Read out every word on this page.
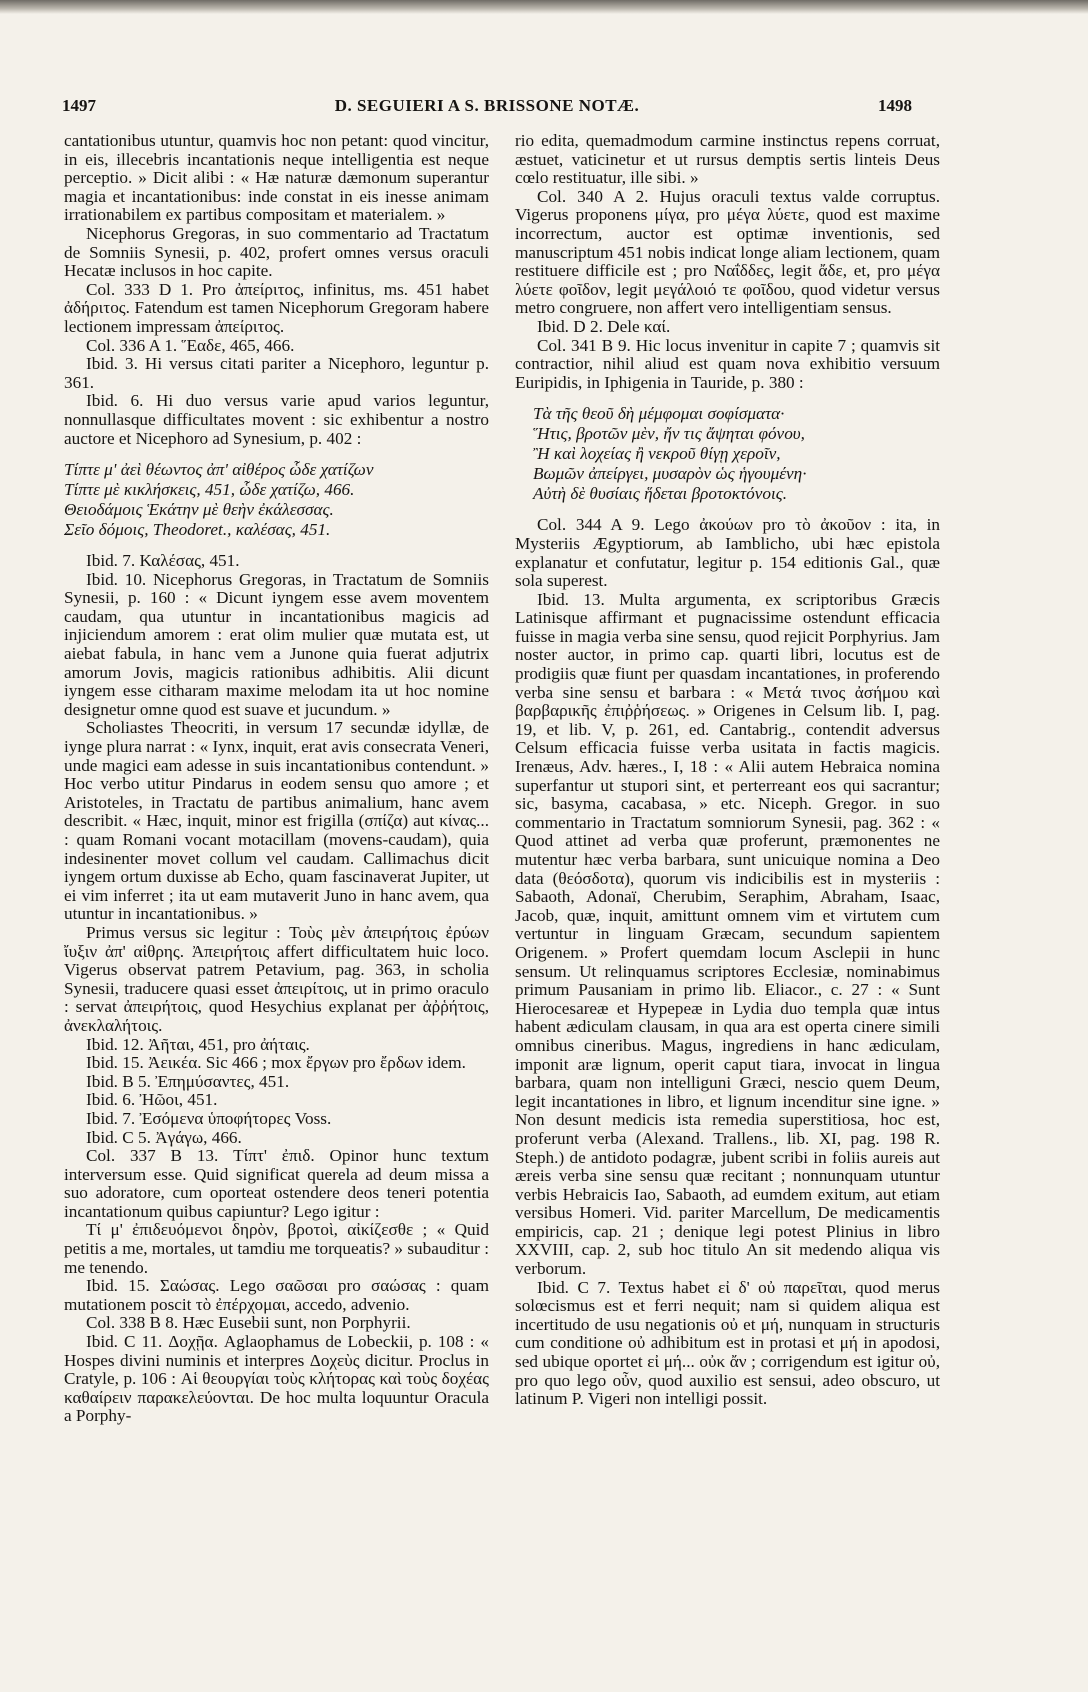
1497	D. SEGUIERI A S. BRISSONE NOTÆ.	1498

cantationibus utuntur, quamvis hoc non petant: quod vincitur, in eis, illecebris incantationis neque intelligentia est neque perceptio. » Dicit alibi : « Hæ naturæ dæmonum superantur magia et incantationibus: inde constat in eis inesse animam irrationabilem ex partibus compositam et materialem. »

Nicephorus Gregoras, in suo commentario ad Tractatum de Somniis Synesii, p. 402, profert omnes versus oraculi Hecatæ inclusos in hoc capite.

Col. 333 D 1. Pro ἀπείριτος, infinitus, ms. 451 habet ἀδήριτος. Fatendum est tamen Nicephorum Gregoram habere lectionem impressam ἀπείριτος.

Col. 336 A 1. Ἕαδε, 465, 466.

Ibid. 3. Hi versus citati pariter a Nicephoro, leguntur p. 361.

Ibid. 6. Hi duo versus varie apud varios leguntur, nonnullasque difficultates movent : sic exhibentur a nostro auctore et Nicephoro ad Synesium, p. 402 :

Τίπτε μ' ἀεὶ θέωντος ἀπ' αἰθέρος ὧδε χατίζων
Τίπτε μὲ κικλήσκεις, 451, ὧδε χατίζω, 466.
Θειοδάμοις Ἑκάτην μὲ θεὴν ἐκάλεσσας.
Σεῖο δόμοις, Theodoret., καλέσας, 451.

Ibid. 7. Καλέσας, 451.

Ibid. 10. Nicephorus Gregoras, in Tractatum de Somniis Synesii, p. 160 : « Dicunt iyngem esse avem moventem caudam, qua utuntur in incantationibus magicis ad injiciendum amorem : erat olim mulier quæ mutata est, ut aiebat fabula, in hanc vem a Junone quia fuerat adjutrix amorum Jovis, magicis rationibus adhibitis. Alii dicunt iyngem esse citharam maxime melodam ita ut hoc nomine designetur omne quod est suave et jucundum. »

Scholiastes Theocriti, in versum 17 secundæ idyllæ, de iynge plura narrat : « Iynx, inquit, erat avis consecrata Veneri, unde magici eam adesse in suis incantationibus contendunt. » Hoc verbo utitur Pindarus in eodem sensu quo amore ; et Aristoteles, in Tractatu de partibus animalium, hanc avem describit. « Hæc, inquit, minor est frigilla (σπίζα) aut κίνας... : quam Romani vocant motacillam (movens-caudam), quia indesinenter movet collum vel caudam. Callimachus dicit iyngem ortum duxisse ab Echo, quam fascinaverat Jupiter, ut ei vim inferret ; ita ut eam mutaverit Juno in hanc avem, qua utuntur in incantationibus. »

Primus versus sic legitur : Τοὺς μὲν ἀπειρήτοις ἐρύων ἴυξιν ἀπ' αἰθρης. Ἀπειρήτοις affert difficultatem huic loco. Vigerus observat patrem Petavium, pag. 363, in scholia Synesii, traducere quasi esset ἀπειρίτοις, ut in primo oraculo : servat ἀπειρήτοις, quod Hesychius explanat per ἀῤῥήτοις, ἀνεκλαλήτοις.

Ibid. 12. Ἀῆται, 451, pro ἀήταις.

Ibid. 15. Ἀεικέα. Sic 466 ; mox ἔργων pro ἔρδων idem.

Ibid. B 5. Ἐπημύσαντες, 451.

Ibid. 6. Ἠῶοι, 451.

Ibid. 7. Ἐσόμενα ὑποφήτορες Voss.

Ibid. C 5. Ἀγάγω, 466.

Col. 337 B 13. Τίπτ' ἐπιδ. Opinor hunc textum interversum esse. Quid significat querela ad deum missa a suo adoratore, cum oporteat ostendere deos teneri potentia incantationum quibus capiuntur? Lego igitur :

Τί μ' ἐπιδευόμενοι δηρὸν, βροτοὶ, αἰκίζεσθε ; « Quid petitis a me, mortales, ut tamdiu me torqueatis? » subauditur : me tenendo.

Ibid. 15. Σαώσας. Lego σαῶσαι pro σαώσας : quam mutationem poscit τὸ ἐπέρχομαι, accedo, advenio.

Col. 338 B 8. Hæc Eusebii sunt, non Porphyrii.

Ibid. C 11. Δοχῇα. Aglaophamus de Lobeckii, p. 108 : « Hospes divini numinis et interpres Δοχεὺς dicitur. Proclus in Cratyle, p. 106 : Αἱ θεουργίαι τοὺς κλήτορας καὶ τοὺς δοχέας καθαίρειν παρακελεύονται. De hoc multa loquuntur Oracula a Porphy-

rio edita, quemadmodum carmine instinctus repens corruat, æstuet, vaticinetur et ut rursus demptis sertis linteis Deus cœlo restituatur, ille sibi. »

Col. 340 A 2. Hujus oraculi textus valde corruptus. Vigerus proponens μίγα, pro μέγα λύετε, quod est maxime incorrectum, auctor est optimæ inventionis, sed manuscriptum 451 nobis indicat longe aliam lectionem, quam restituere difficile est ; pro Ναΐδδες, legit ἄδε, et, pro μέγα λύετε φοῖδον, legit μεγάλοιό τε φοῖδου, quod videtur versus metro congruere, non affert vero intelligentiam sensus.

Ibid. D 2. Dele καί.

Col. 341 B 9. Hic locus invenitur in capite 7 ; quamvis sit contractior, nihil aliud est quam nova exhibitio versuum Euripidis, in Iphigenia in Tauride, p. 380 :

Τὰ τῆς θεοῦ δὴ μέμφομαι σοφίσματα·
Ἥτις, βροτῶν μὲν, ἤν τις ἄψηται φόνου,
Ἢ καὶ λοχείας ἢ νεκροῦ θίγῃ χεροῖν,
Βωμῶν ἀπείργει, μυσαρὸν ὡς ἡγουμένη·
Αὐτὴ δὲ θυσίαις ἥδεται βροτοκτόνοις.

Col. 344 A 9. Lego ἀκούων pro τὸ ἀκοῦον : ita, in Mysteriis Ægyptiorum, ab Iamblicho, ubi hæc epistola explanatur et confutatur, legitur p. 154 editionis Gal., quæ sola superest.

Ibid. 13. Multa argumenta, ex scriptoribus Græcis Latinisque affirmant et pugnacissime ostendunt efficacia fuisse in magia verba sine sensu, quod rejicit Porphyrius. Jam noster auctor, in primo cap. quarti libri, locutus est de prodigiis quæ fiunt per quasdam incantationes, in proferendo verba sine sensu et barbara : « Μετά τινος ἀσήμου καὶ βαρβαρικῆς ἐπιῤῥήσεως. » Origenes in Celsum lib. I, pag. 19, et lib. V, p. 261, ed. Cantabrig., contendit adversus Celsum efficacia fuisse verba usitata in factis magicis. Irenæus, Adv. hæres., I, 18 : « Alii autem Hebraica nomina superfantur ut stupori sint, et perterreant eos qui sacrantur; sic, basyma, cacabasa, » etc. Niceph. Gregor. in suo commentario in Tractatum somniorum Synesii, pag. 362 : « Quod attinet ad verba quæ proferunt, præmonentes ne mutentur hæc verba barbara, sunt unicuique nomina a Deo data (θεόσδοτα), quorum vis indicibilis est in mysteriis : Sabaoth, Adonaï, Cherubim, Seraphim, Abraham, Isaac, Jacob, quæ, inquit, amittunt omnem vim et virtutem cum vertuntur in linguam Græcam, secundum sapientem Origenem. » Profert quemdam locum Asclepii in hunc sensum. Ut relinquamus scriptores Ecclesiæ, nominabimus primum Pausaniam in primo lib. Eliacor., c. 27 : « Sunt Hierocesareæ et Hypepeæ in Lydia duo templa quæ intus habent ædiculam clausam, in qua ara est operta cinere simili omnibus cineribus. Magus, ingrediens in hanc ædiculam, imponit aræ lignum, operit caput tiara, invocat in lingua barbara, quam non intelliguni Græci, nescio quem Deum, legit incantationes in libro, et lignum incenditur sine igne. » Non desunt medicis ista remedia superstitiosa, hoc est, proferunt verba (Alexand. Trallens., lib. XI, pag. 198 R. Steph.) de antidoto podagræ, jubent scribi in foliis aureis aut æreis verba sine sensu quæ recitant ; nonnunquam utuntur verbis Hebraicis Iao, Sabaoth, ad eumdem exitum, aut etiam versibus Homeri. Vid. pariter Marcellum, De medicamentis empiricis, cap. 21 ; denique legi potest Plinius in libro XXVIII, cap. 2, sub hoc titulo An sit medendo aliqua vis verborum.

Ibid. C 7. Textus habet εἰ δ' οὐ παρεῖται, quod merus solœcismus est et ferri nequit; nam si quidem aliqua est incertitudo de usu negationis οὐ et μή, nunquam in structuris cum conditione οὐ adhibitum est in protasi et μή in apodosi, sed ubique oportet εἰ μή... οὐκ ἄν ; corrigendum est igitur οὐ, pro quo lego οὖν, quod auxilio est sensui, adeo obscuro, ut latinum P. Vigeri non intelligi possit.
